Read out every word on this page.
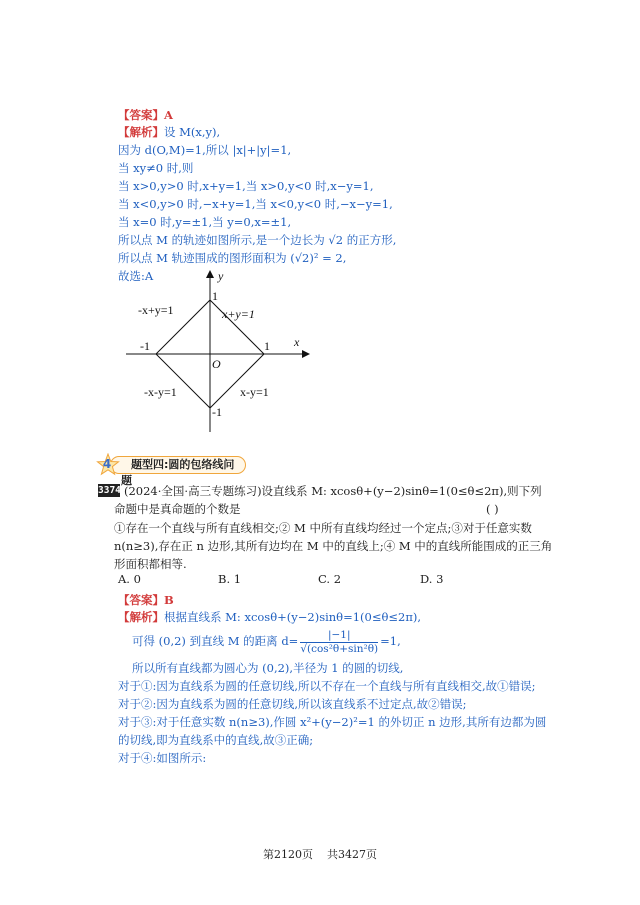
【答案】A
【解析】设 M(x,y),
因为 d(O,M)=1,所以 |x|+|y|=1,
当 xy≠0 时,则
当 x>0,y>0 时,x+y=1,当 x>0,y<0 时,x−y=1,
当 x<0,y>0 时,−x+y=1,当 x<0,y<0 时,−x−y=1,
当 x=0 时,y=±1,当 y=0,x=±1,
所以点 M 的轨迹如图所示,是一个边长为 √2 的正方形,
所以点 M 轨迹围成的图形面积为 (√2)² = 2,
故选:A	y
x
O
1
1
-1
-1
x+y=1
-x+y=1
-x-y=1	x-y=1
题型四:圆的包络线问题
4
3374 (2024·全国·高三专题练习)设直线系 M: xcosθ+(y−2)sinθ=1(0≤θ≤2π),则下列
命题中是真命题的个数是	( )
①存在一个直线与所有直线相交;② M 中所有直线均经过一个定点;③对于任意实数
n(n≥3),存在正 n 边形,其所有边均在 M 中的直线上;④ M 中的直线所能围成的正三角
形面积都相等.
A. 0	B. 1	C. 2	D. 3
【答案】B
【解析】根据直线系 M: xcosθ+(y−2)sinθ=1(0≤θ≤2π),
可得 (0,2) 到直线 M 的距离 $d= \frac{|-1|}{\text{√(cos²θ+sin²θ)}} =1$,
所以所有直线都为圆心为 (0,2),半径为 1 的圆的切线,
对于①:因为直线系为圆的任意切线,所以不存在一个直线与所有直线相交,故①错误;
对于②:因为直线系为圆的任意切线,所以该直线系不过定点,故②错误;
对于③:对于任意实数 n(n≥3),作圆 x²+(y−2)²=1 的外切正 n 边形,其所有边都为圆
的切线,即为直线系中的直线,故③正确;
对于④:如图所示:
第2120页 共3427页
